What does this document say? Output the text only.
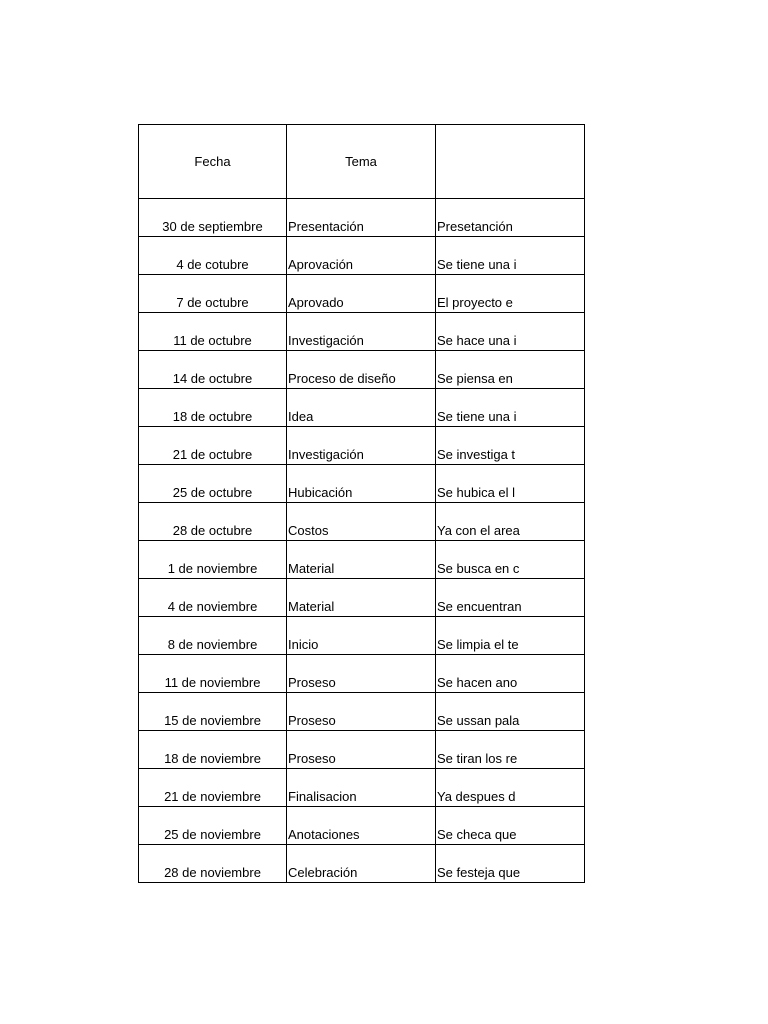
Fecha	Tema	
30 de septiembre	Presentación	Presetanción
4 de cotubre	Aprovación	Se tiene una i
7 de octubre	Aprovado	El proyecto e
11 de octubre	Investigación	Se hace una i
14 de octubre	Proceso de diseño	Se piensa en
18 de octubre	Idea	Se tiene una i
21 de octubre	Investigación	Se investiga t
25 de octubre	Hubicación	Se hubica el l
28 de octubre	Costos	Ya con el area
1 de noviembre	Material	Se busca en c
4 de noviembre	Material	Se encuentran
8 de noviembre	Inicio	Se limpia el te
11 de noviembre	Proseso	Se hacen ano
15 de noviembre	Proseso	Se ussan pala
18 de noviembre	Proseso	Se tiran los re
21 de noviembre	Finalisacion	Ya despues d
25 de noviembre	Anotaciones	Se checa que
28 de noviembre	Celebración	Se festeja que
